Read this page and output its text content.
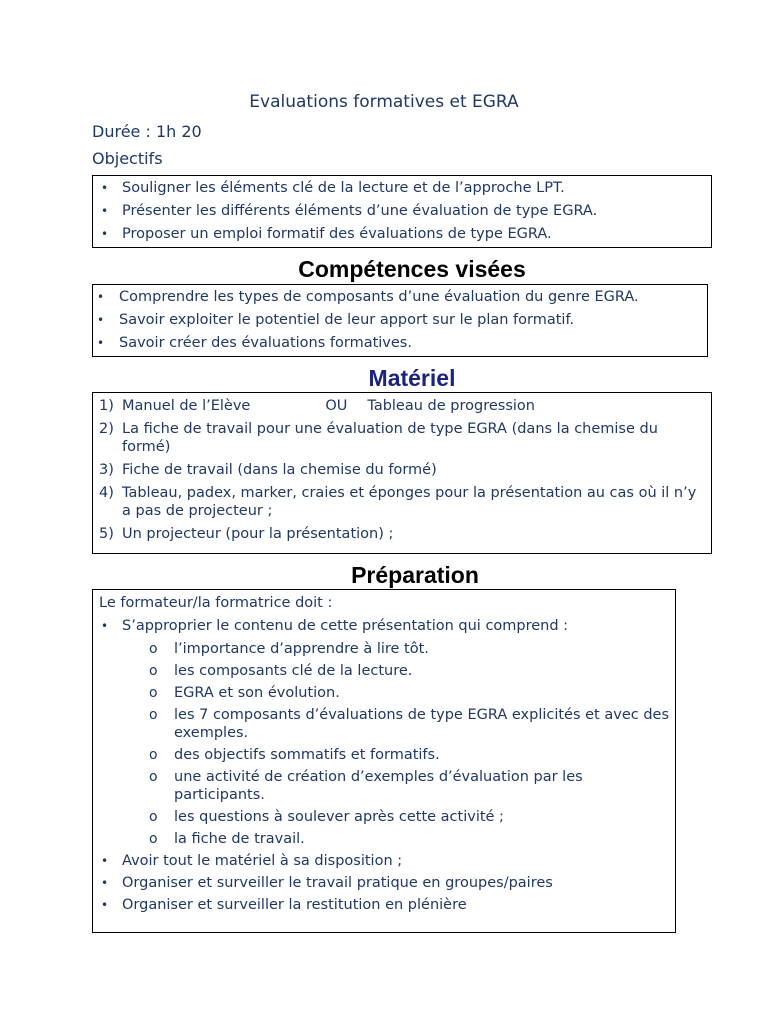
Evaluations formatives et EGRA
Durée : 1h 20
Objectifs
• Souligner les éléments clé de la lecture et de l’approche LPT.
• Présenter les différents éléments d’une évaluation de type EGRA.
• Proposer un emploi formatif des évaluations de type EGRA.
Compétences visées
•	Comprendre les types de composants d’une évaluation du genre EGRA.
•	Savoir exploiter le potentiel de leur apport sur le plan formatif.
•	Savoir créer des évaluations formatives.
Matériel
1) Manuel de l’Elève	OU Tableau de progression
2) La fiche de travail pour une évaluation de type EGRA (dans la chemise du formé)
3) Fiche de travail (dans la chemise du formé)
4) Tableau, padex, marker, craies et éponges pour la présentation au cas où il n’y a pas de projecteur ;
5) Un projecteur (pour la présentation) ;
Préparation
Le formateur/la formatrice doit :
• S’approprier le contenu de cette présentation qui comprend :
o	l’importance d’apprendre à lire tôt.
o	les composants clé de la lecture.
o	EGRA et son évolution.
o	les 7 composants d’évaluations de type EGRA explicités et avec des exemples.
o	des objectifs sommatifs et formatifs.
o	une activité de création d’exemples d’évaluation par les participants.
o	les questions à soulever après cette activité ;
o	la fiche de travail.
• Avoir tout le matériel à sa disposition ;
• Organiser et surveiller le travail pratique en groupes/paires
• Organiser et surveiller la restitution en plénière
